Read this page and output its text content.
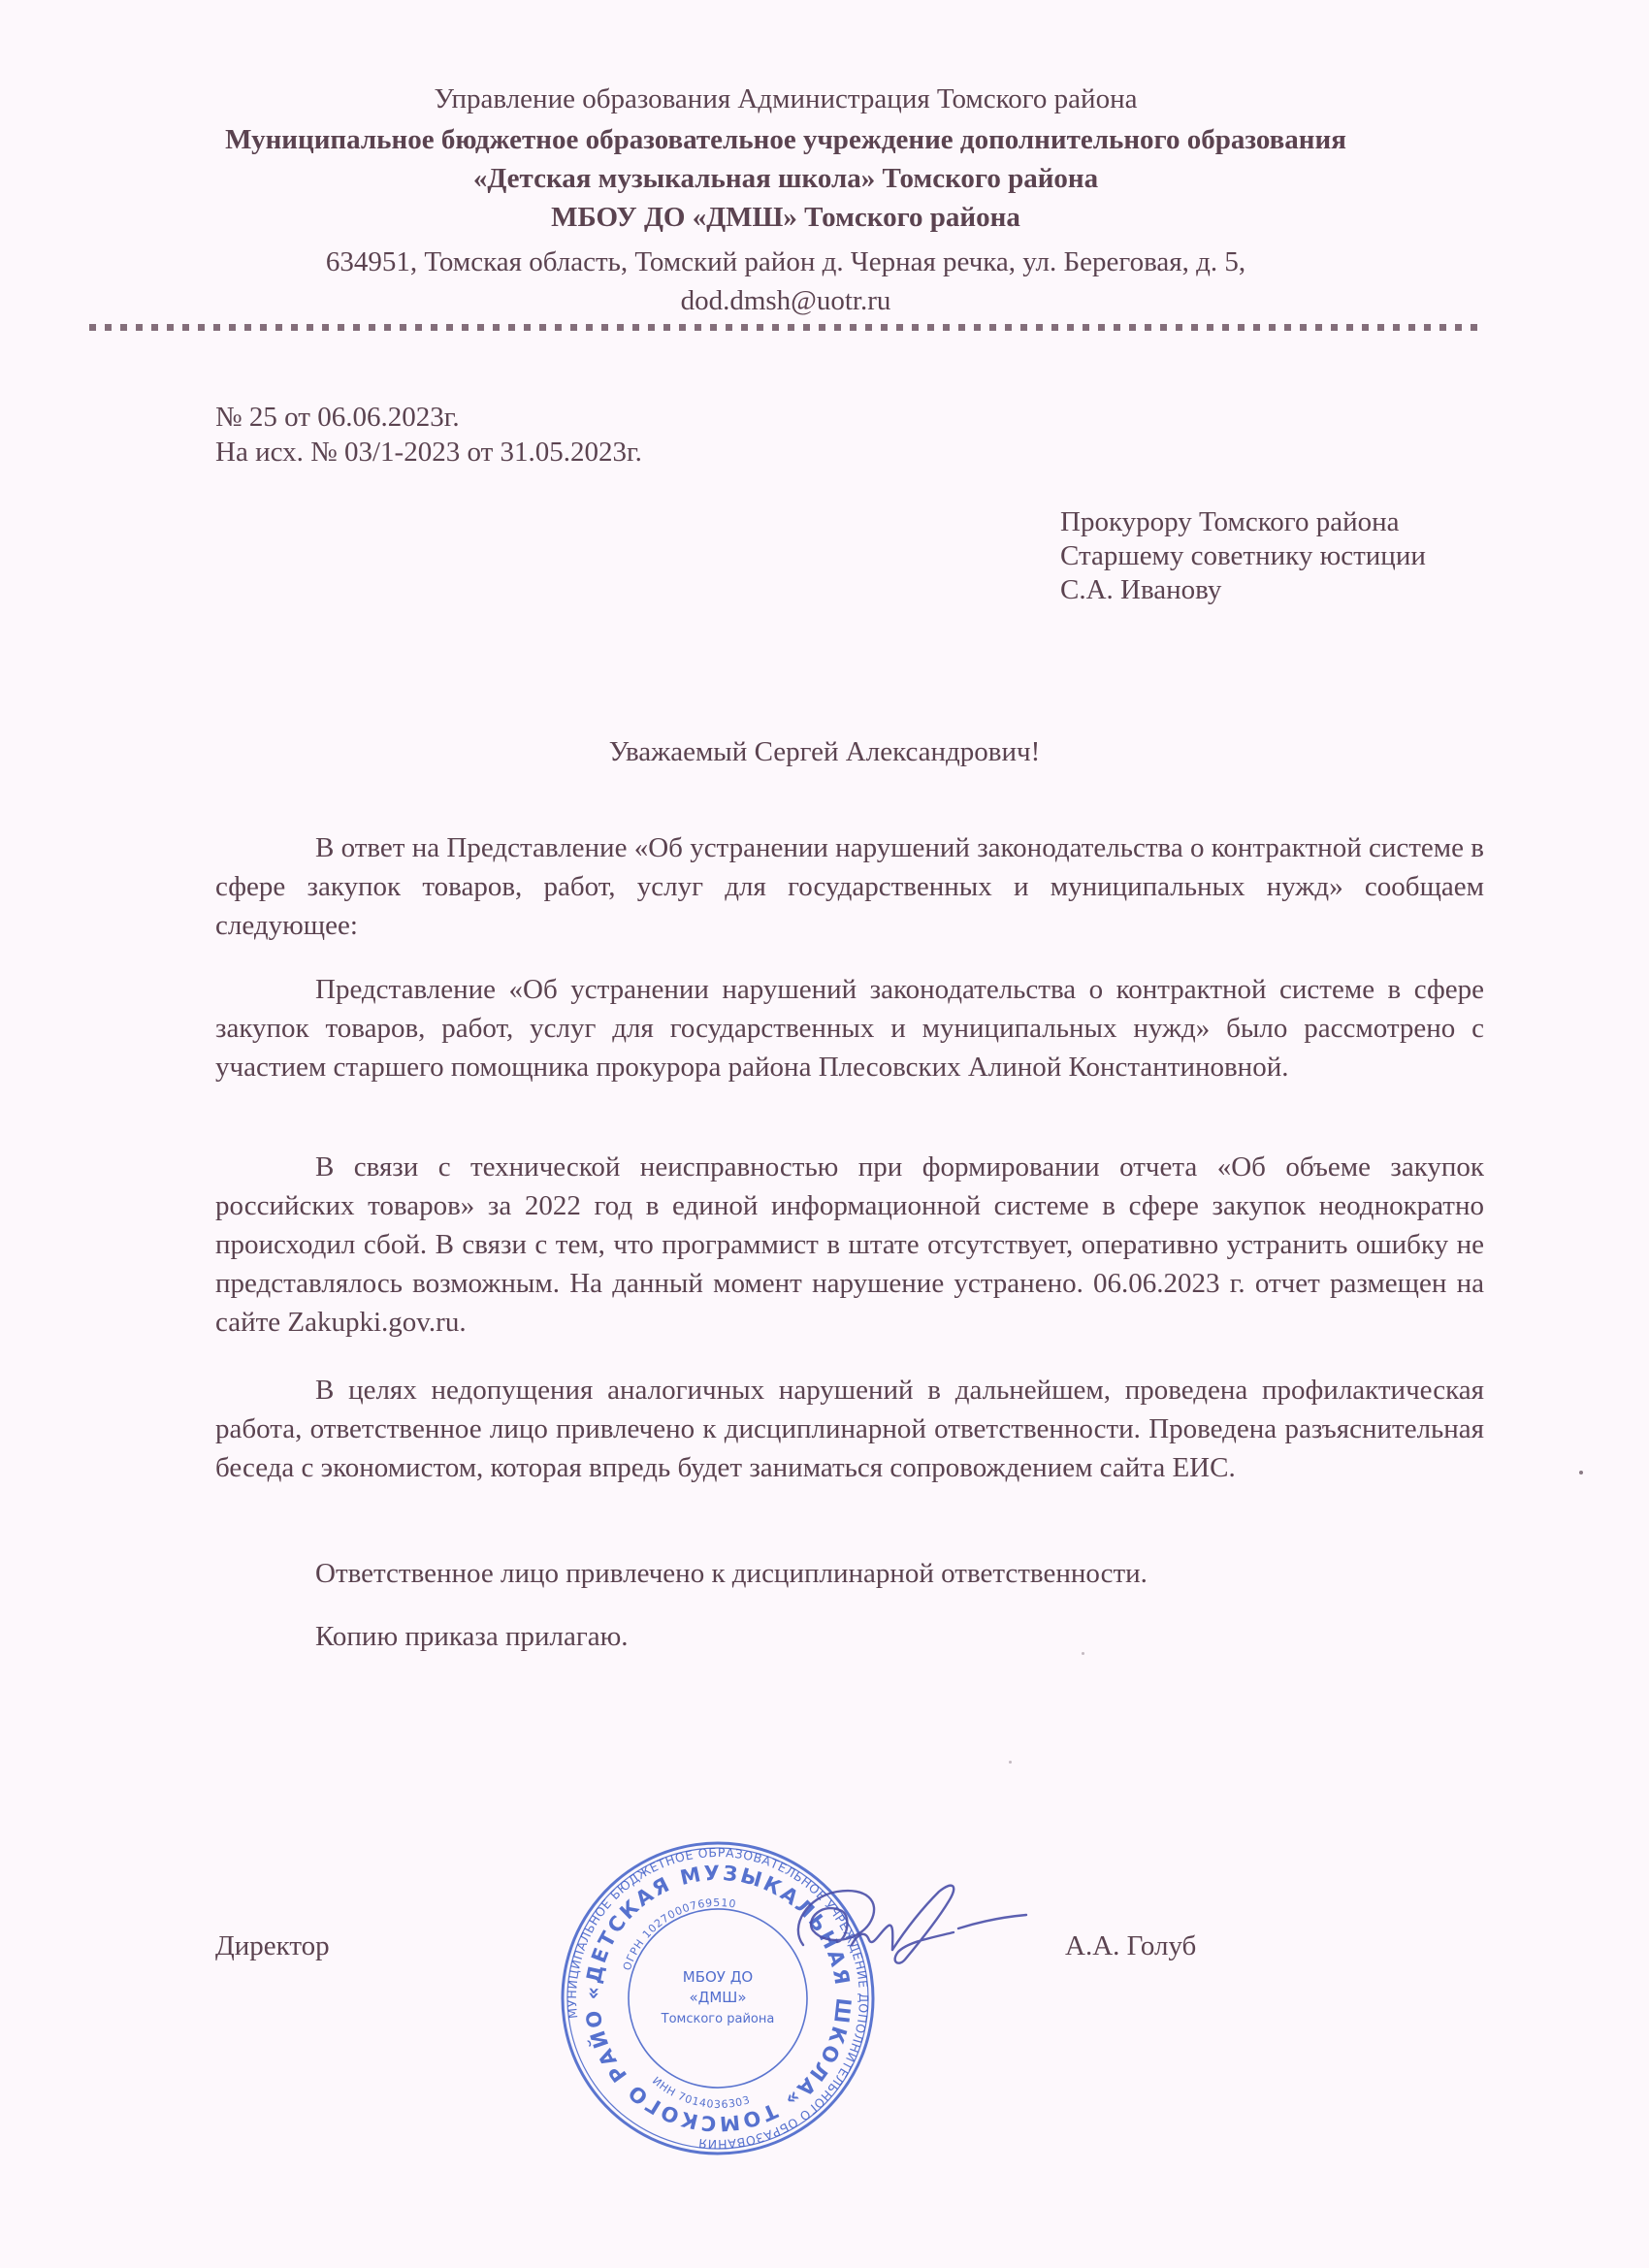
Управление образования Администрация Томского района
Муниципальное бюджетное образовательное учреждение дополнительного образования
«Детская музыкальная школа» Томского района
МБОУ ДО «ДМШ» Томского района
634951, Томская область, Томский район д. Черная речка, ул. Береговая, д. 5,
dod.dmsh@uotr.ru
№ 25 от 06.06.2023г.
На исх. № 03/1-2023 от 31.05.2023г.
Прокурору Томского района
Старшему советнику юстиции
С.А. Иванову
Уважаемый Сергей Александрович!

В ответ на Представление «Об устранении нарушений законодательства о контрактной системе в сфере закупок товаров, работ, услуг для государственных и муниципальных нужд» сообщаем следующее:

Представление «Об устранении нарушений законодательства о контрактной системе в сфере закупок товаров, работ, услуг для государственных и муниципальных нужд» было рассмотрено с участием старшего помощника прокурора района Плесовских Алиной Константиновной.

В связи с технической неисправностью при формировании отчета «Об объеме закупок российских товаров» за 2022 год в единой информационной системе в сфере закупок неоднократно происходил сбой. В связи с тем, что программист в штате отсутствует, оперативно устранить ошибку не представлялось возможным. На данный момент нарушение устранено. 06.06.2023 г. отчет размещен на сайте Zakupki.gov.ru.

В целях недопущения аналогичных нарушений в дальнейшем, проведена профилактическая работа, ответственное лицо привлечено к дисциплинарной ответственности. Проведена разъяснительная беседа с экономистом, которая впредь будет заниматься сопровождением сайта ЕИС.

Ответственное лицо привлечено к дисциплинарной ответственности.

Копию приказа прилагаю.

Директор	А.А. Голуб
МУНИЦИПАЛЬНОЕ БЮДЖЕТНОЕ ОБРАЗОВАТЕЛЬНОЕ УЧРЕЖДЕНИЕ ДОПОЛНИТЕЛЬНОГО ОБРАЗОВАНИЯ
«ДЕТСКАЯ МУЗЫКАЛЬНАЯ ШКОЛА» ТОМСКОГО РАЙОНА
ОГРН 1027000769510
ИНН 7014036303
МБОУ ДО
«ДМШ»
Томского района
